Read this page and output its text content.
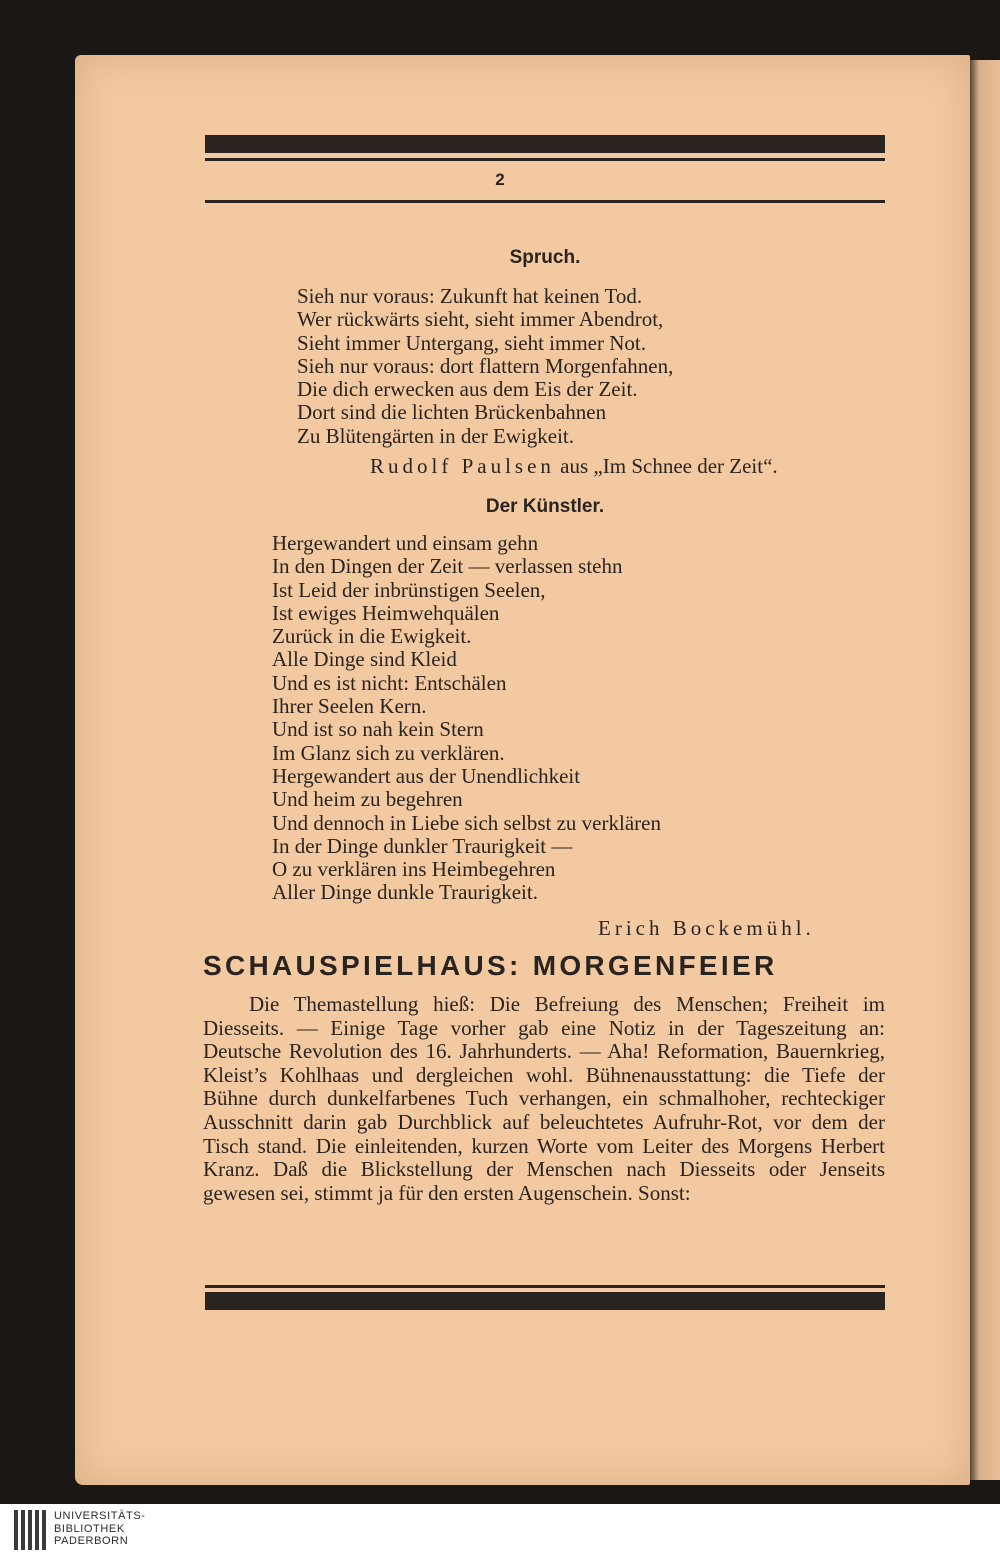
2
Spruch.
Sieh nur voraus: Zukunft hat keinen Tod.
Wer rückwärts sieht, sieht immer Abendrot,
Sieht immer Untergang, sieht immer Not.
Sieh nur voraus: dort flattern Morgenfahnen,
Die dich erwecken aus dem Eis der Zeit.
Dort sind die lichten Brückenbahnen
Zu Blütengärten in der Ewigkeit.
Rudolf Paulsen aus „Im Schnee der Zeit“.
Der Künstler.
Hergewandert und einsam gehn
In den Dingen der Zeit — verlassen stehn
Ist Leid der inbrünstigen Seelen,
Ist ewiges Heimwehquälen
Zurück in die Ewigkeit.
Alle Dinge sind Kleid
Und es ist nicht: Entschälen
Ihrer Seelen Kern.
Und ist so nah kein Stern
Im Glanz sich zu verklären.
Hergewandert aus der Unendlichkeit
Und heim zu begehren
Und dennoch in Liebe sich selbst zu verklären
In der Dinge dunkler Traurigkeit —
O zu verklären ins Heimbegehren
Aller Dinge dunkle Traurigkeit.
Erich Bockemühl.
SCHAUSPIELHAUS: MORGENFEIER

Die Themastellung hieß: Die Befreiung des Menschen; Freiheit im Diesseits. — Einige Tage vorher gab eine Notiz in der Tageszeitung an: Deutsche Revolution des 16. Jahrhunderts. — Aha! Reformation, Bauernkrieg, Kleist’s Kohlhaas und dergleichen wohl. Bühnenausstattung: die Tiefe der Bühne durch dunkelfarbenes Tuch verhangen, ein schmalhoher, rechteckiger Ausschnitt darin gab Durchblick auf beleuchtetes Aufruhr-Rot, vor dem der Tisch stand. Die einleitenden, kurzen Worte vom Leiter des Morgens Herbert Kranz. Daß die Blickstellung der Menschen nach Diesseits oder Jenseits gewesen sei, stimmt ja für den ersten Augenschein. Sonst:

UNIVERSITÄTS-
BIBLIOTHEK
PADERBORN
